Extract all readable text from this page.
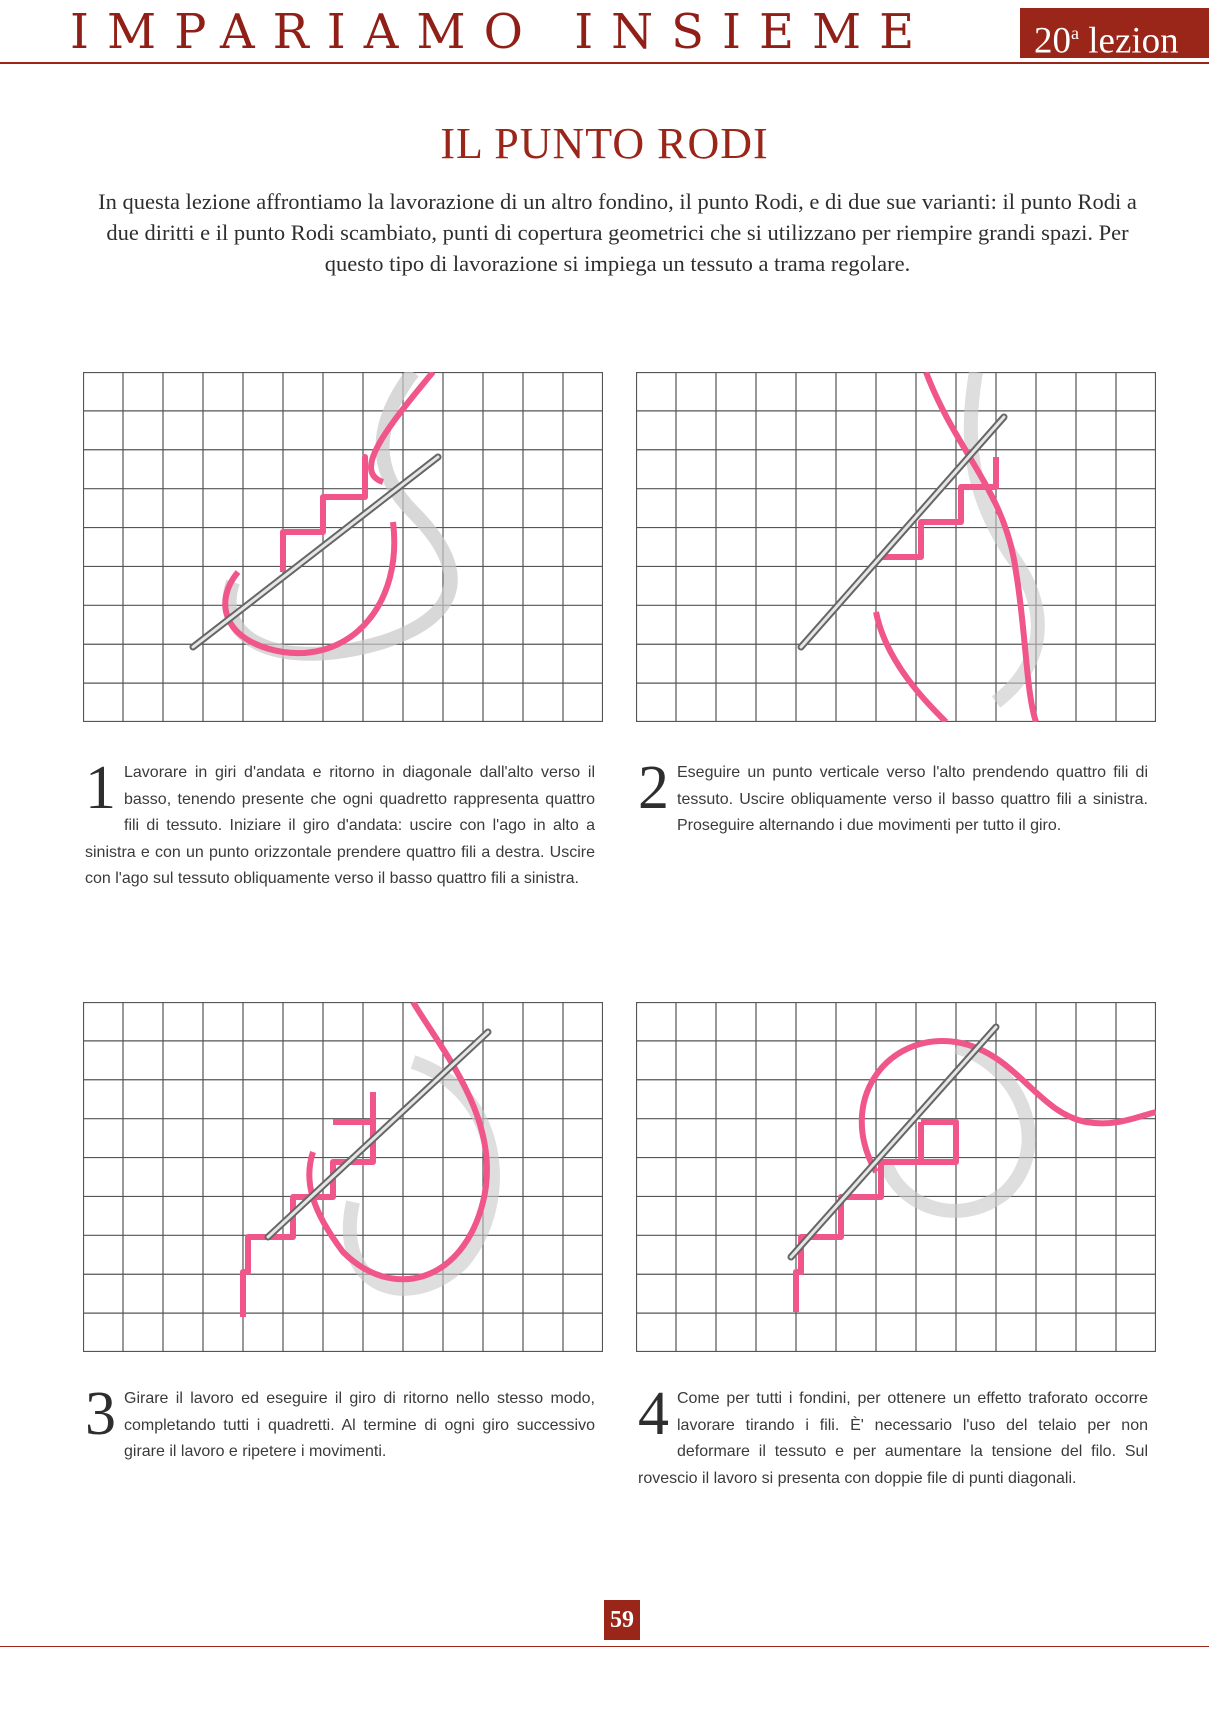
IMPARIAMO INSIEME	20$^a$ lezion
IL PUNTO RODI

In questa lezione affrontiamo la lavorazione di un altro fondino, il punto Rodi, e di due sue varianti: il punto Rodi a due diritti e il punto Rodi scambiato, punti di copertura geometrici che si utilizzano per riempire grandi spazi. Per questo tipo di lavorazione si impiega un tessuto a trama regolare.

1 Lavorare in giri d'andata e ritorno in diagonale dall'alto verso il basso, tenendo presente che ogni quadretto rappresenta quattro fili di tessuto. Iniziare il giro d'andata: uscire con l'ago in alto a sinistra e con un punto orizzontale prendere quattro fili a destra. Uscire con l'ago sul tessuto obliquamente verso il basso quattro fili a sinistra.
2 Eseguire un punto verticale verso l'alto prendendo quattro fili di tessuto. Uscire obliquamente verso il basso quattro fili a sinistra. Proseguire alternando i due movimenti per tutto il giro.
3 Girare il lavoro ed eseguire il giro di ritorno nello stesso modo, completando tutti i quadretti. Al termine di ogni giro successivo girare il lavoro e ripetere i movimenti.
4 Come per tutti i fondini, per ottenere un effetto traforato occorre lavorare tirando i fili. È' necessario l'uso del telaio per non deformare il tessuto e per aumentare la tensione del filo. Sul rovescio il lavoro si presenta con doppie file di punti diagonali.
59
